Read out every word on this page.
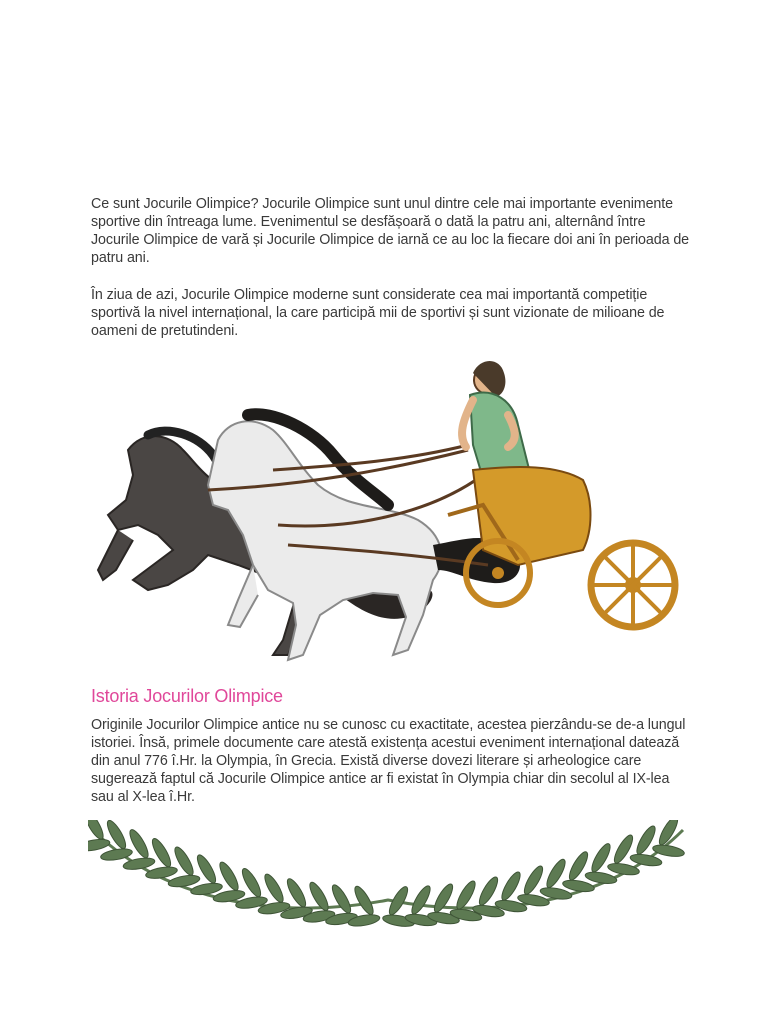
Ce sunt Jocurile Olimpice? Jocurile Olimpice sunt unul dintre cele mai importante evenimente sportive din întreaga lume. Evenimentul se desfășoară o dată la patru ani, alternând între Jocurile Olimpice de vară și Jocurile Olimpice de iarnă ce au loc la fiecare doi ani în perioada de patru ani.

În ziua de azi, Jocurile Olimpice moderne sunt considerate cea mai importantă competiție sportivă la nivel internațional, la care participă mii de sportivi și sunt vizionate de milioane de oameni de pretutindeni.

Istoria Jocurilor Olimpice

Originile Jocurilor Olimpice antice nu se cunosc cu exactitate, acestea pierzându-se de-a lungul istoriei. Însă, primele documente care atestă existența acestui eveniment internațional datează din anul 776 î.Hr. la Olympia, în Grecia. Există diverse dovezi literare și arheologice care sugerează faptul că Jocurile Olimpice antice ar fi existat în Olympia chiar din secolul al IX-lea sau al X-lea î.Hr.
